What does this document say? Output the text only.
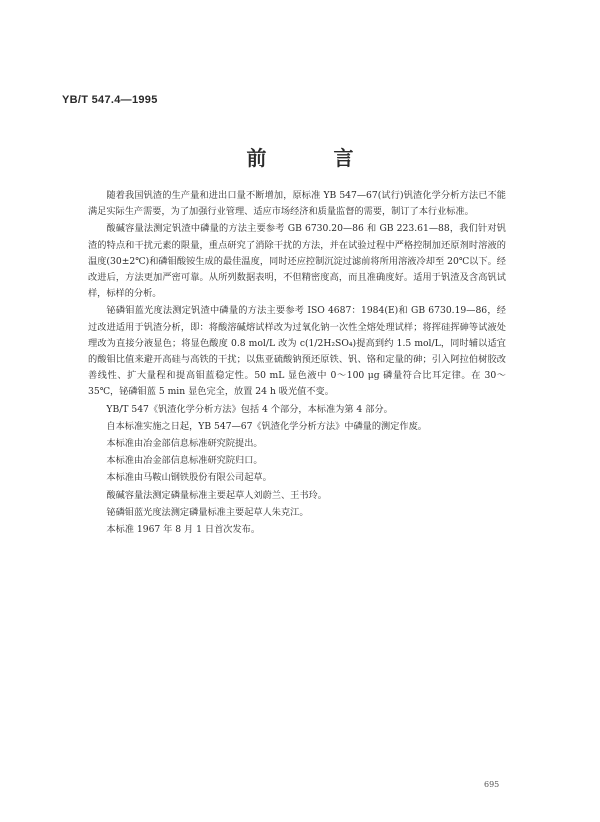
YB/T 547.4—1995
前 言

随着我国钒渣的生产量和进出口量不断增加，原标准 YB 547—67(试行)钒渣化学分析方法已不能满足实际生产需要，为了加强行业管理、适应市场经济和质量监督的需要，制订了本行业标准。

酸碱容量法测定钒渣中磷量的方法主要参考 GB 6730.20—86 和 GB 223.61—88，我们针对钒渣的特点和干扰元素的限量，重点研究了消除干扰的方法，并在试验过程中严格控制加还原剂时溶液的温度(30±2℃)和磷钼酸铵生成的最佳温度，同时还应控制沉淀过滤前将所用溶液冷却至 20℃以下。经改进后，方法更加严密可靠。从所列数据表明，不但精密度高，而且准确度好。适用于钒渣及含高钒试样，标样的分析。

铋磷钼蓝光度法测定钒渣中磷量的方法主要参考 ISO 4687：1984(E)和 GB 6730.19—86，经过改进适用于钒渣分析，即：将酸溶碱熔试样改为过氧化钠一次性全熔处理试样；将挥硅挥砷等试液处理改为直接分液显色；将显色酸度 0.8 mol/L 改为 c(1/2H₂SO₄)提高到约 1.5 mol/L，同时辅以适宜的酸钼比值来避开高硅与高铁的干扰；以焦亚硫酸钠预还原铁、钒、铬和定量的砷；引入阿拉伯树胶改善线性、扩大量程和提高钼蓝稳定性。50 mL 显色液中 0～100 μg 磷量符合比耳定律。在 30～35℃，铋磷钼蓝 5 min 显色完全，放置 24 h 吸光值不变。

YB/T 547《钒渣化学分析方法》包括 4 个部分，本标准为第 4 部分。

自本标准实施之日起，YB 547—67《钒渣化学分析方法》中磷量的测定作废。

本标准由冶金部信息标准研究院提出。

本标准由冶金部信息标准研究院归口。

本标准由马鞍山钢铁股份有限公司起草。

酸碱容量法测定磷量标准主要起草人刘蔚兰、王书玲。

铋磷钼蓝光度法测定磷量标准主要起草人朱克江。

本标准 1967 年 8 月 1 日首次发布。

695
